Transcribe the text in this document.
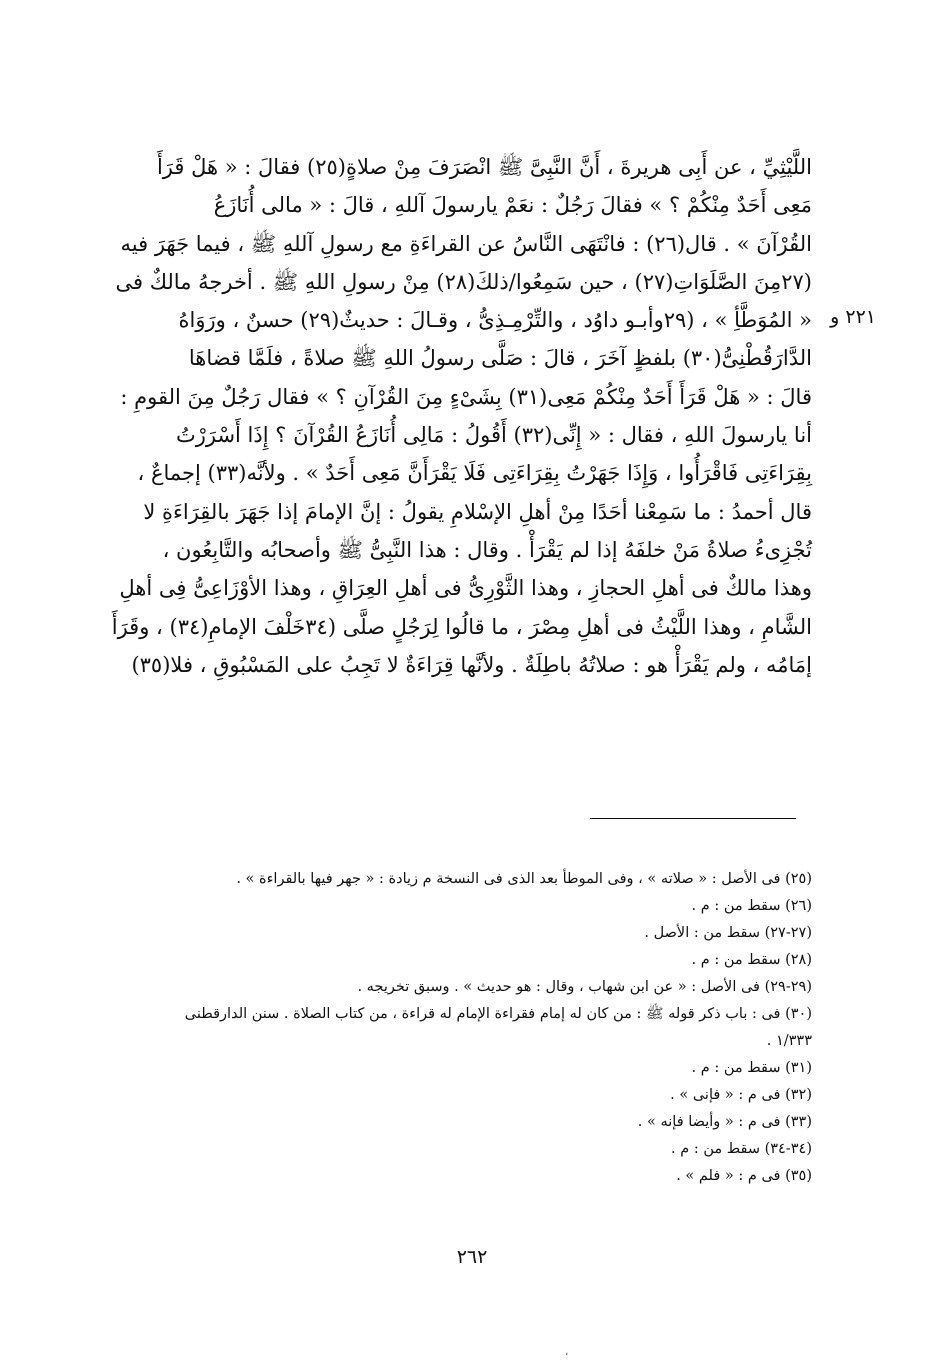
٢٢١ و
اللَّيْثِيِّ ، عن أَبِى هريرةَ ، أَنَّ النَّبِىَّ ﷺ انْصَرَفَ مِنْ صلاةٍ(٢٥) فقالَ : « هَلْ قَرَأَ
مَعِى أَحَدٌ مِنْكُمْ ؟ » فقالَ رَجُلٌ : نعَمْ يارسولَ آللهِ ، قالَ : « مالى أُنَازَعُ
القُرْآنَ » . قال(٢٦) : فانْتَهَى النَّاسُ عن القراءَةِ مع رسولِ آللهِ ﷺ ، فيما جَهَرَ فيه
(٢٧مِنَ الصَّلَوَاتِ(٢٧) ، حين سَمِعُوا/ذلكَ(٢٨) مِنْ رسولِ اللهِ ﷺ . أخرجهُ مالكٌ فى
« المُوَطَّأِ » ، (٢٩وأبـو داوُد ، والتِّرْمِـذِىُّ ، وقـالَ : حديثٌ(٢٩) حسنٌ ، ورَوَاهُ
الدَّارَقُطْنِىُّ(٣٠) بلفظٍ آخَرَ ، قالَ : صَلَّى رسولُ اللهِ ﷺ صلاةً ، فلَمَّا قضاهَا
قالَ : « هَلْ قَرَأَ أَحَدٌ مِنْكُمْ مَعِى(٣١) بِشَىْءٍ مِنَ القُرْآنِ ؟ » فقال رَجُلٌ مِنَ القومِ :
أنا يارسولَ اللهِ ، فقال : « إِنِّى(٣٢) أَقُولُ : مَالِى أُنَازَعُ القُرْآنَ ؟ إِذَا أَسْرَرْتُ
بِقِرَاءَتِى فَاقْرَأُوا ، وَإِذَا جَهَرْتُ بِقِرَاءَتِى فَلَا يَقْرَأَنَّ مَعِى أَحَدٌ » . ولأنَّه(٣٣) إجماعٌ ،
قال أحمدُ : ما سَمِعْنا أحَدًا مِنْ أهلِ الإسْلامِ يقولُ : إنَّ الإمامَ إذا جَهَرَ بالقِرَاءَةِ لا
تُجْزِىءُ صلاةُ مَنْ خلفَهُ إذا لم يَقْرَأْ . وقال : هذا النَّبِىُّ ﷺ وأصحابُه والتَّابِعُون ،
وهذا مالكٌ فى أهلِ الحجازِ ، وهذا الثَّوْرِىُّ فى أهلِ العِرَاقِ ، وهذا الأوْزَاعِىُّ فِى أهلِ
الشَّامِ ، وهذا اللَّيْثُ فى أهلِ مِصْرَ ، ما قالُوا لِرَجُلٍ صلَّى (٣٤خَلْفَ الإمامِ(٣٤) ، وقَرَأَ
إمَامُه ، ولم يَقْرَأْ هو : صلاتُهُ باطِلَةٌ . ولأنَّها قِرَاءَةٌ لا تَجِبُ على المَسْبُوقِ ، فلا(٣٥)
(٢٥) فى الأصل : « صلاته » ، وفى الموطأ بعد الذى فى النسخة م زيادة : « جهر فيها بالقراءة » .
(٢٦) سقط من : م .
(٢٧-٢٧) سقط من : الأصل .
(٢٨) سقط من : م .
(٢٩-٢٩) فى الأصل : « عن ابن شهاب ، وقال : هو حديث » . وسبق تخريجه .
(٣٠) فى : باب ذكر قوله ﷺ : من كان له إمام فقراءة الإمام له قراءة ، من كتاب الصلاة . سنن الدارقطنى
١/٣٣٣ .
(٣١) سقط من : م .
(٣٢) فى م : « فإنى » .
(٣٣) فى م : « وأيضا فإنه » .
(٣٤-٣٤) سقط من : م .
(٣٥) فى م : « فلم » .
٢٦٢
،
